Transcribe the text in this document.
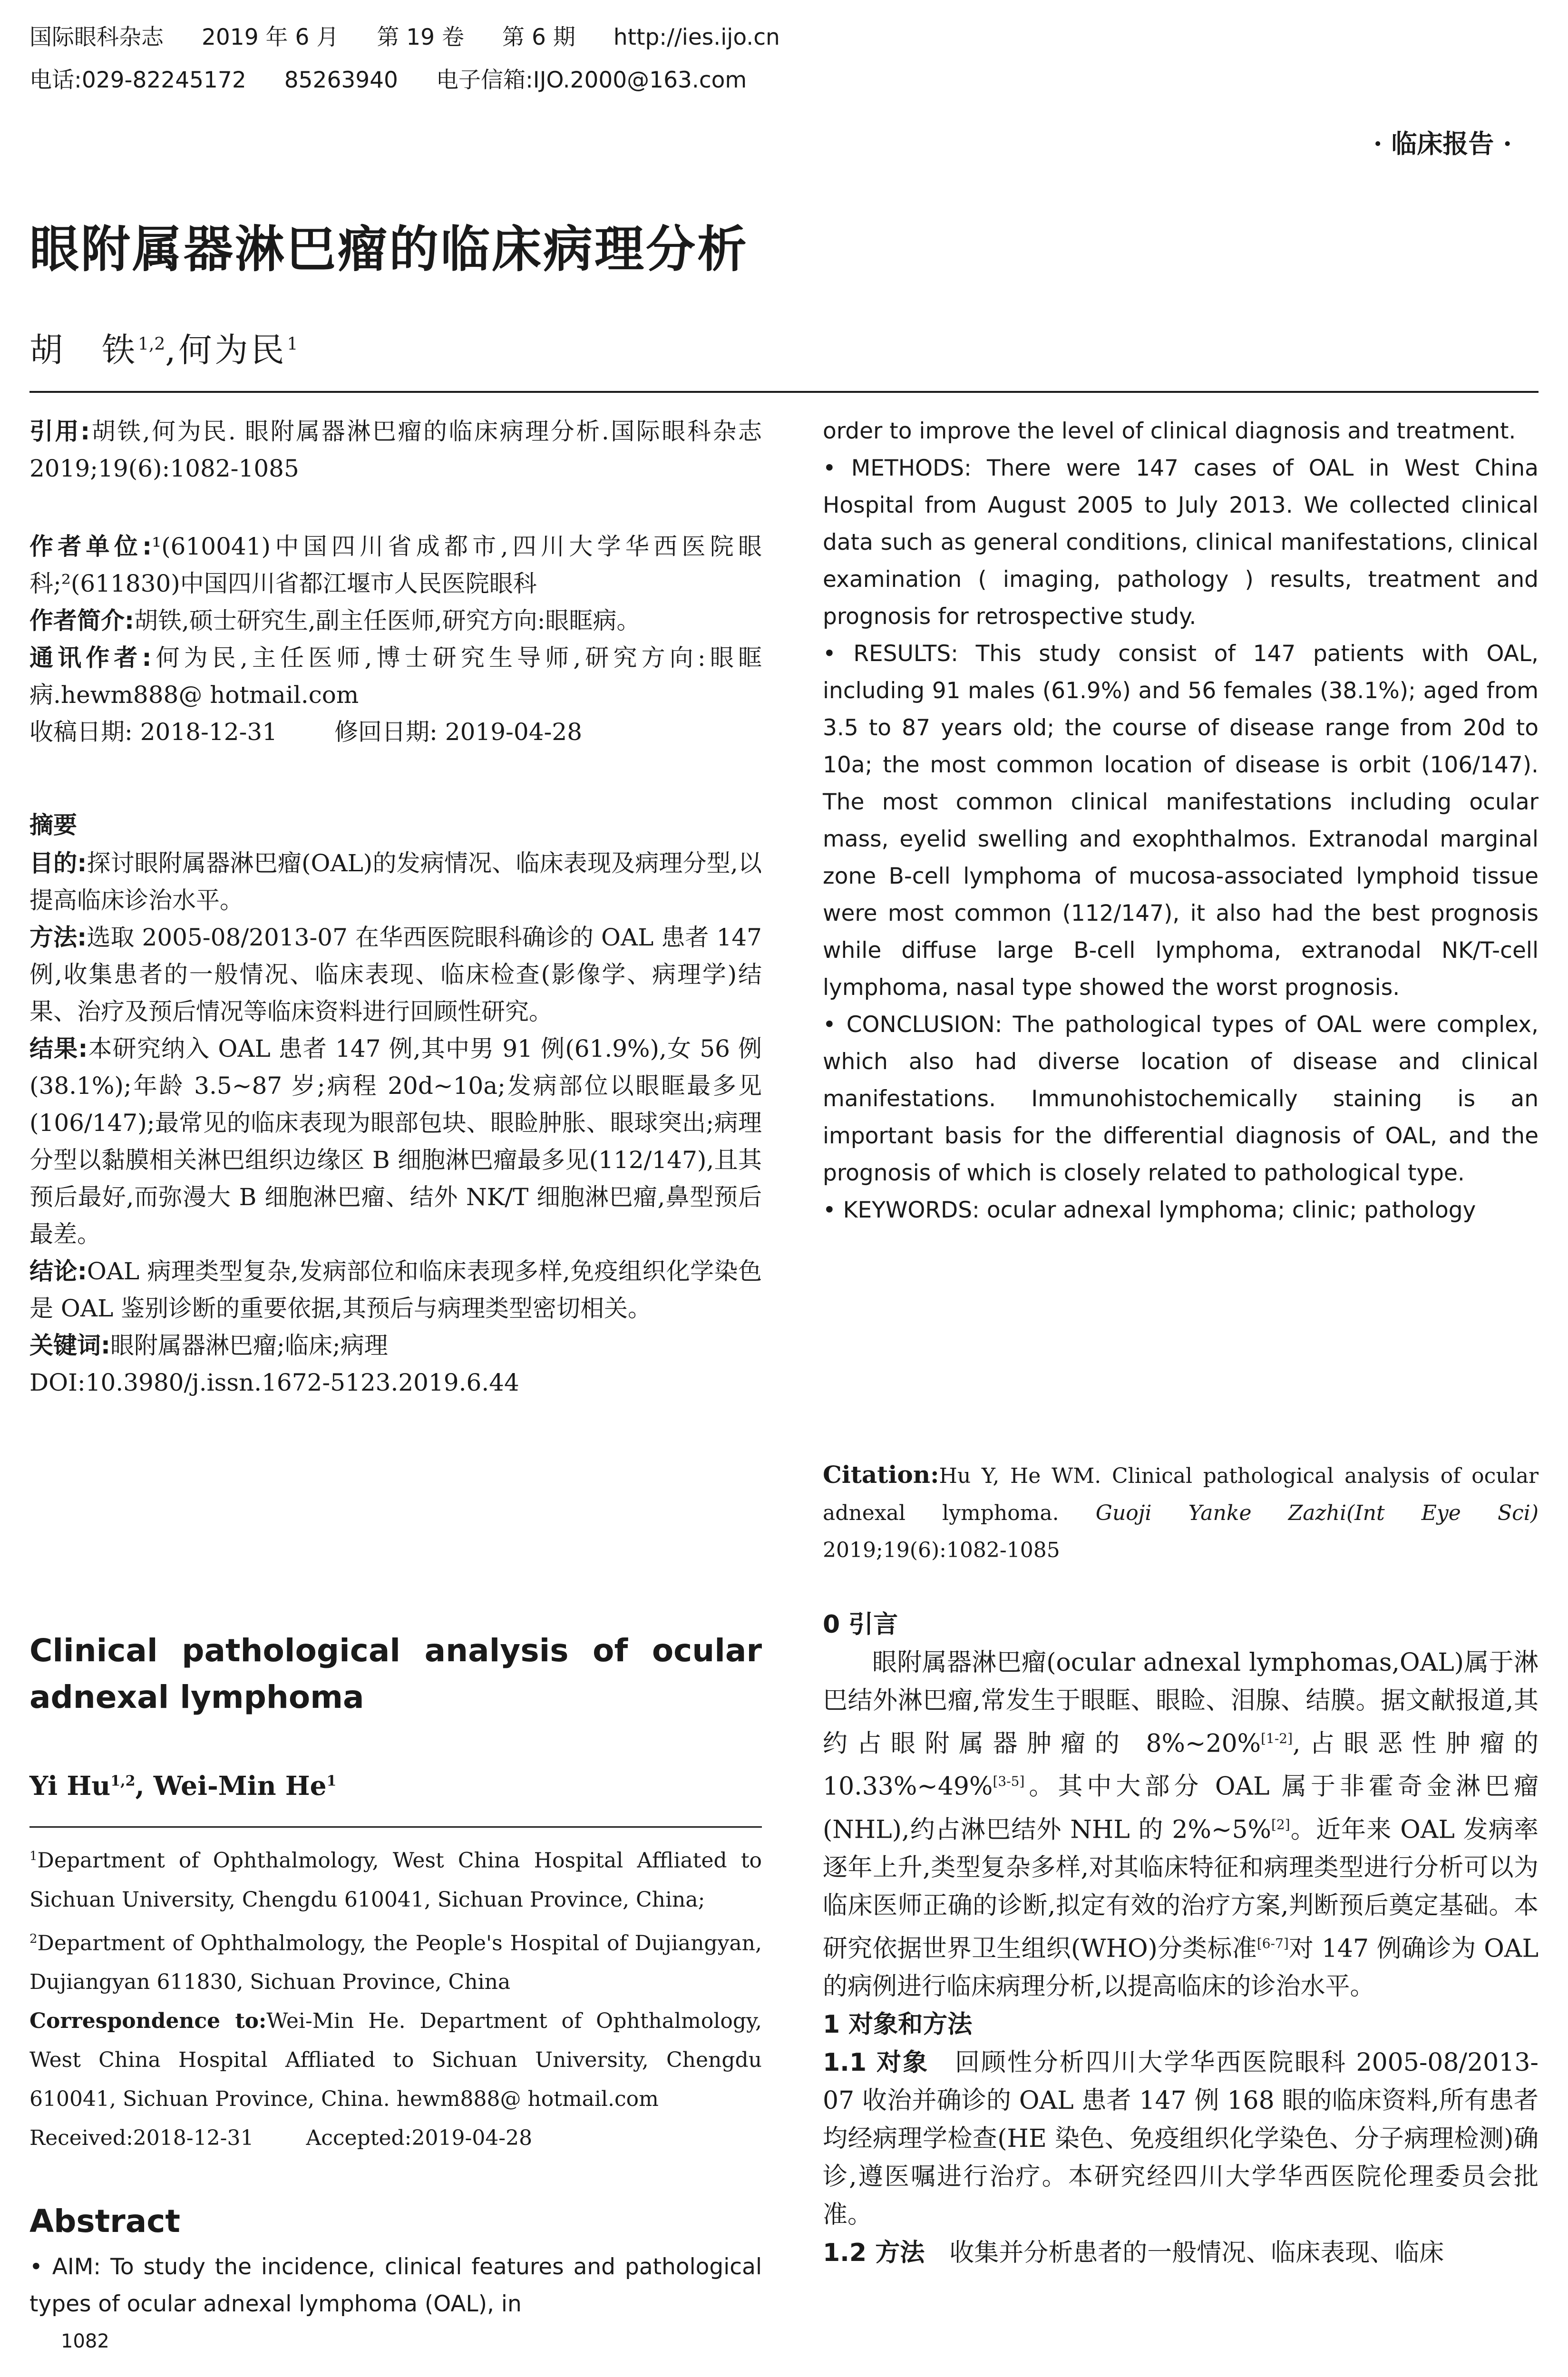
国际眼科杂志 2019 年 6 月 第 19 卷 第 6 期 http://ies.ijo.cn
电话:029-82245172 85263940 电子信箱:IJO.2000@163.com
· 临床报告 ·
眼附属器淋巴瘤的临床病理分析
胡　铁$^{1,2}$,何为民$^1$
引用:胡铁,何为民. 眼附属器淋巴瘤的临床病理分析.国际眼科杂志 2019;19(6):1082-1085

作者单位:¹(610041)中国四川省成都市,四川大学华西医院眼科;²(611830)中国四川省都江堰市人民医院眼科

作者简介:胡铁,硕士研究生,副主任医师,研究方向:眼眶病。

通讯作者:何为民,主任医师,博士研究生导师,研究方向:眼眶病.hewm888@ hotmail.com

收稿日期: 2018-12-31 修回日期: 2019-04-28

摘要

目的:探讨眼附属器淋巴瘤(OAL)的发病情况、临床表现及病理分型,以提高临床诊治水平。

方法:选取 2005-08/2013-07 在华西医院眼科确诊的 OAL 患者 147 例,收集患者的一般情况、临床表现、临床检查(影像学、病理学)结果、治疗及预后情况等临床资料进行回顾性研究。

结果:本研究纳入 OAL 患者 147 例,其中男 91 例(61.9%),女 56 例(38.1%);年龄 3.5~87 岁;病程 20d~10a;发病部位以眼眶最多见(106/147);最常见的临床表现为眼部包块、眼睑肿胀、眼球突出;病理分型以黏膜相关淋巴组织边缘区 B 细胞淋巴瘤最多见(112/147),且其预后最好,而弥漫大 B 细胞淋巴瘤、结外 NK/T 细胞淋巴瘤,鼻型预后最差。

结论:OAL 病理类型复杂,发病部位和临床表现多样,免疫组织化学染色是 OAL 鉴别诊断的重要依据,其预后与病理类型密切相关。

关键词:眼附属器淋巴瘤;临床;病理

DOI:10.3980/j.issn.1672-5123.2019.6.44

Clinical pathological analysis of ocular adnexal lymphoma
Yi Hu$^{1,2}$, Wei-Min He$^1$

$^1$Department of Ophthalmology, West China Hospital Affliated to Sichuan University, Chengdu 610041, Sichuan Province, China;

$^2$Department of Ophthalmology, the People's Hospital of Dujiangyan, Dujiangyan 611830, Sichuan Province, China

Correspondence to:Wei-Min He. Department of Ophthalmology, West China Hospital Affliated to Sichuan University, Chengdu 610041, Sichuan Province, China. hewm888@ hotmail.com

Received:2018-12-31	Accepted:2019-04-28

Abstract
• AIM: To study the incidence, clinical features and pathological types of ocular adnexal lymphoma (OAL), in
1082

order to improve the level of clinical diagnosis and treatment.

• METHODS: There were 147 cases of OAL in West China Hospital from August 2005 to July 2013. We collected clinical data such as general conditions, clinical manifestations, clinical examination ( imaging, pathology ) results, treatment and prognosis for retrospective study.

• RESULTS: This study consist of 147 patients with OAL, including 91 males (61.9%) and 56 females (38.1%); aged from 3.5 to 87 years old; the course of disease range from 20d to 10a; the most common location of disease is orbit (106/147). The most common clinical manifestations including ocular mass, eyelid swelling and exophthalmos. Extranodal marginal zone B-cell lymphoma of mucosa-associated lymphoid tissue were most common (112/147), it also had the best prognosis while diffuse large B-cell lymphoma, extranodal NK/T-cell lymphoma, nasal type showed the worst prognosis.

• CONCLUSION: The pathological types of OAL were complex, which also had diverse location of disease and clinical manifestations. Immunohistochemically staining is an important basis for the differential diagnosis of OAL, and the prognosis of which is closely related to pathological type.

• KEYWORDS: ocular adnexal lymphoma; clinic; pathology

Citation:Hu Y, He WM. Clinical pathological analysis of ocular adnexal lymphoma. Guoji Yanke Zazhi(Int Eye Sci) 2019;19(6):1082-1085

0 引言

眼附属器淋巴瘤(ocular adnexal lymphomas,OAL)属于淋巴结外淋巴瘤,常发生于眼眶、眼睑、泪腺、结膜。据文献报道,其约占眼附属器肿瘤的 8%~20%[1-2],占眼恶性肿瘤的 10.33%~49%[3-5]。其中大部分 OAL 属于非霍奇金淋巴瘤(NHL),约占淋巴结外 NHL 的 2%~5%[2]。近年来 OAL 发病率逐年上升,类型复杂多样,对其临床特征和病理类型进行分析可以为临床医师正确的诊断,拟定有效的治疗方案,判断预后奠定基础。本研究依据世界卫生组织(WHO)分类标准[6-7]对 147 例确诊为 OAL 的病例进行临床病理分析,以提高临床的诊治水平。

1 对象和方法

1.1 对象　回顾性分析四川大学华西医院眼科 2005-08/2013-07 收治并确诊的 OAL 患者 147 例 168 眼的临床资料,所有患者均经病理学检查(HE 染色、免疫组织化学染色、分子病理检测)确诊,遵医嘱进行治疗。本研究经四川大学华西医院伦理委员会批准。

1.2 方法　收集并分析患者的一般情况、临床表现、临床
